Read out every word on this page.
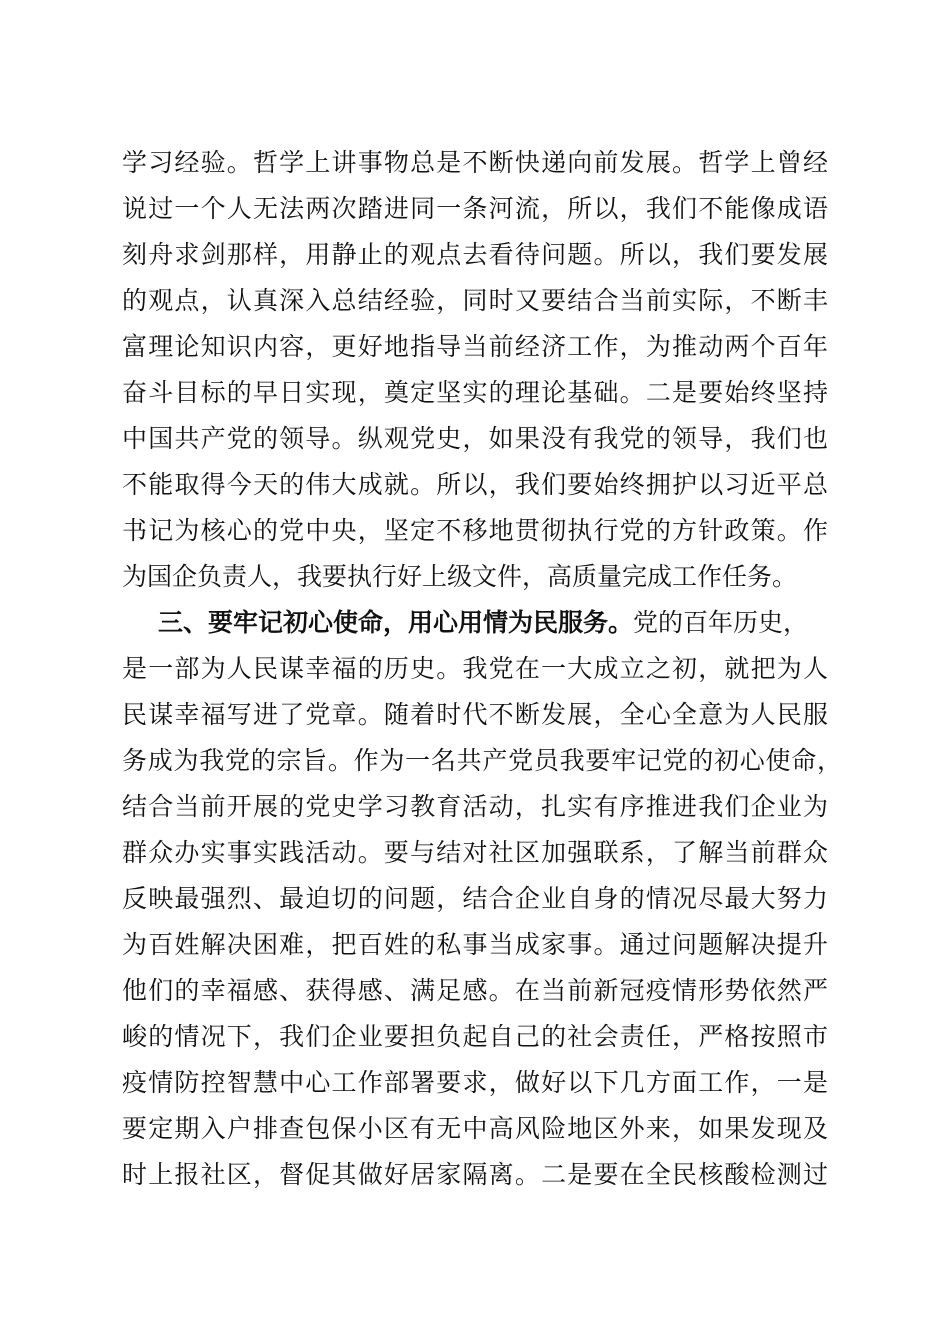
学习经验。哲学上讲事物总是不断快递向前发展。哲学上曾经
说过一个人无法两次踏进同一条河流，所以，我们不能像成语
刻舟求剑那样，用静止的观点去看待问题。所以，我们要发展
的观点，认真深入总结经验，同时又要结合当前实际，不断丰
富理论知识内容，更好地指导当前经济工作，为推动两个百年
奋斗目标的早日实现，奠定坚实的理论基础。二是要始终坚持
中国共产党的领导。纵观党史，如果没有我党的领导，我们也
不能取得今天的伟大成就。所以，我们要始终拥护以习近平总
书记为核心的党中央，坚定不移地贯彻执行党的方针政策。作
为国企负责人，我要执行好上级文件，高质量完成工作任务。
三、要牢记初心使命，用心用情为民服务。党的百年历史，
是一部为人民谋幸福的历史。我党在一大成立之初，就把为人
民谋幸福写进了党章。随着时代不断发展，全心全意为人民服
务成为我党的宗旨。作为一名共产党员我要牢记党的初心使命，
结合当前开展的党史学习教育活动，扎实有序推进我们企业为
群众办实事实践活动。要与结对社区加强联系，了解当前群众
反映最强烈、最迫切的问题，结合企业自身的情况尽最大努力
为百姓解决困难，把百姓的私事当成家事。通过问题解决提升
他们的幸福感、获得感、满足感。在当前新冠疫情形势依然严
峻的情况下，我们企业要担负起自己的社会责任，严格按照市
疫情防控智慧中心工作部署要求，做好以下几方面工作，一是
要定期入户排查包保小区有无中高风险地区外来，如果发现及
时上报社区，督促其做好居家隔离。二是要在全民核酸检测过
